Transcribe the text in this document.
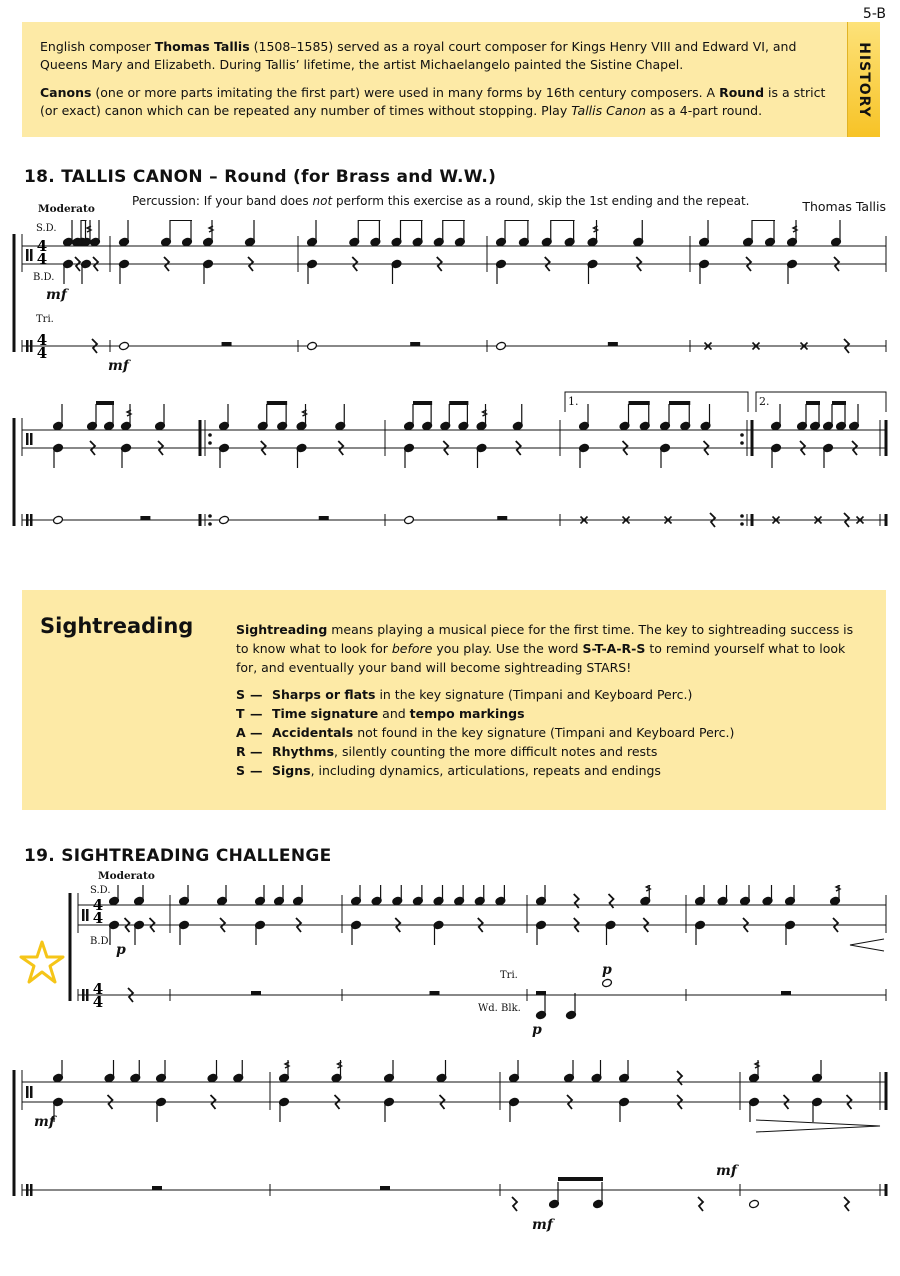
5-B

English composer Thomas Tallis (1508–1585) served as a royal court composer for Kings Henry VIII and Edward VI, and Queens Mary and Elizabeth. During Tallis’ lifetime, the artist Michaelangelo painted the Sistine Chapel.

Canons (one or more parts imitating the first part) were used in many forms by 16th century composers. A Round is a strict (or exact) canon which can be repeated any number of times without stopping. Play Tallis Canon as a 4-part round.	HISTORY
18. TALLIS CANON – Round (for Brass and W.W.)
Percussion: If your band does not perform this exercise as a round, skip the 1st ending and the repeat.	Thomas Tallis
Moderato
S.D.
B.D.
Tri.
mf
mf
1.	2.
4
4
4
4
Sightreading	Sightreading means playing a musical piece for the first time. The key to sightreading success is to know what to look for before you play. Use the word S-T-A-R-S to remind yourself what to look for, and eventually your band will become sightreading STARS!

S — Sharps or flats in the key signature (Timpani and Keyboard Perc.)
T — Time signature and tempo markings
A — Accidentals not found in the key signature (Timpani and Keyboard Perc.)
R — Rhythms, silently counting the more difficult notes and rests
S — Signs, including dynamics, articulations, repeats and endings
19. SIGHTREADING CHALLENGE
Moderato
S.D.
B.D.
Tri.
Wd. Blk.
p
p
p
mf
mf
mf
4
4
4
4
